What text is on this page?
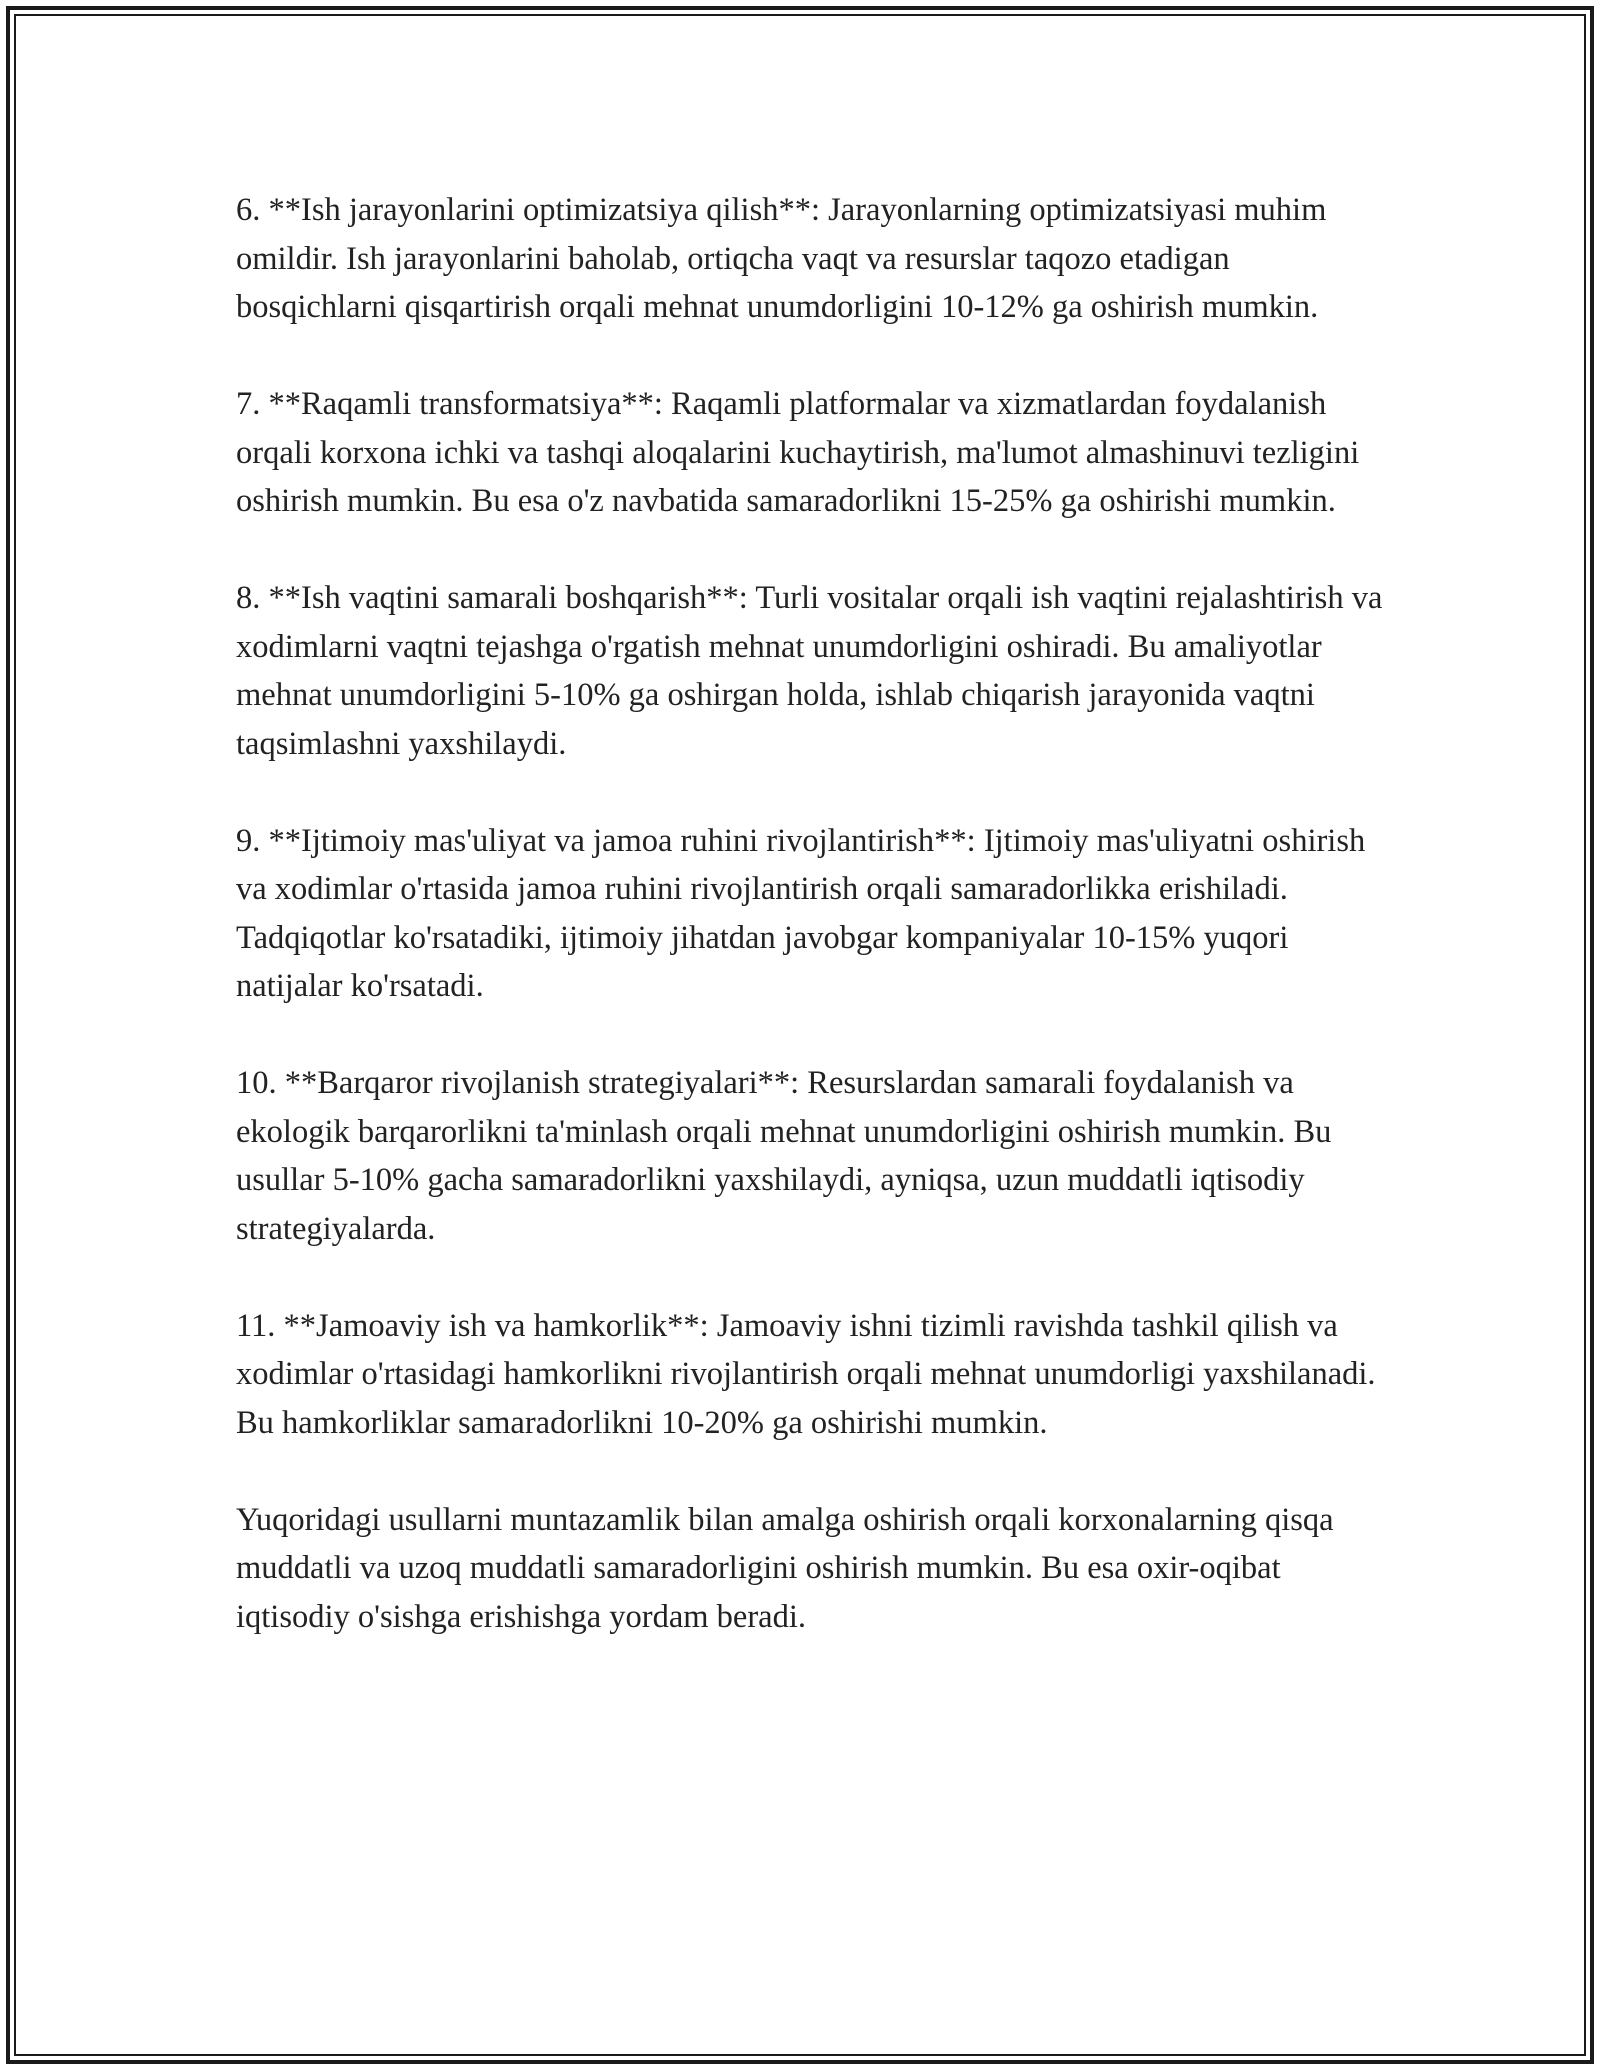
6. **Ish jarayonlarini optimizatsiya qilish**: Jarayonlarning optimizatsiyasi muhim omildir. Ish jarayonlarini baholab, ortiqcha vaqt va resurslar taqozo etadigan bosqichlarni qisqartirish orqali mehnat unumdorligini 10-12% ga oshirish mumkin.

7. **Raqamli transformatsiya**: Raqamli platformalar va xizmatlardan foydalanish orqali korxona ichki va tashqi aloqalarini kuchaytirish, ma'lumot almashinuvi tezligini oshirish mumkin. Bu esa o'z navbatida samaradorlikni 15-25% ga oshirishi mumkin.

8. **Ish vaqtini samarali boshqarish**: Turli vositalar orqali ish vaqtini rejalashtirish va xodimlarni vaqtni tejashga o'rgatish mehnat unumdorligini oshiradi. Bu amaliyotlar mehnat unumdorligini 5-10% ga oshirgan holda, ishlab chiqarish jarayonida vaqtni taqsimlashni yaxshilaydi.

9. **Ijtimoiy mas'uliyat va jamoa ruhini rivojlantirish**: Ijtimoiy mas'uliyatni oshirish va xodimlar o'rtasida jamoa ruhini rivojlantirish orqali samaradorlikka erishiladi. Tadqiqotlar ko'rsatadiki, ijtimoiy jihatdan javobgar kompaniyalar 10-15% yuqori natijalar ko'rsatadi.

10. **Barqaror rivojlanish strategiyalari**: Resurslardan samarali foydalanish va ekologik barqarorlikni ta'minlash orqali mehnat unumdorligini oshirish mumkin. Bu usullar 5-10% gacha samaradorlikni yaxshilaydi, ayniqsa, uzun muddatli iqtisodiy strategiyalarda.

11. **Jamoaviy ish va hamkorlik**: Jamoaviy ishni tizimli ravishda tashkil qilish va xodimlar o'rtasidagi hamkorlikni rivojlantirish orqali mehnat unumdorligi yaxshilanadi. Bu hamkorliklar samaradorlikni 10-20% ga oshirishi mumkin.

Yuqoridagi usullarni muntazamlik bilan amalga oshirish orqali korxonalarning qisqa muddatli va uzoq muddatli samaradorligini oshirish mumkin. Bu esa oxir-oqibat iqtisodiy o'sishga erishishga yordam beradi.
